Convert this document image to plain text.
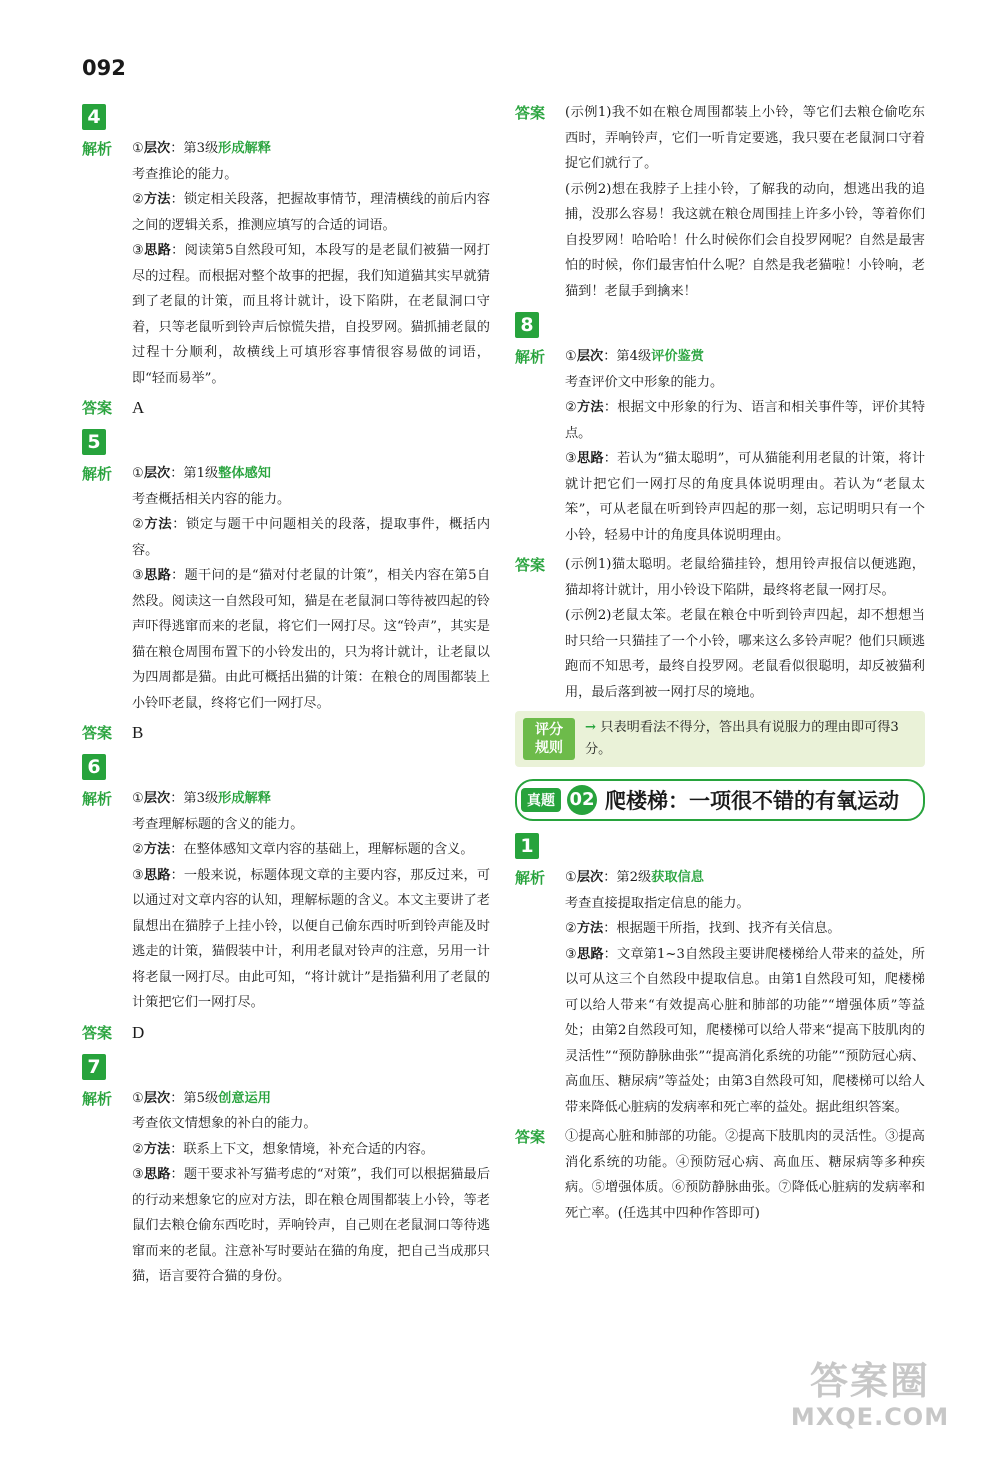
092
4
解析	①层次：第3级形成解释

考查推论的能力。

②方法：锁定相关段落，把握故事情节，理清横线的前后内容之间的逻辑关系，推测应填写的合适的词语。

③思路：阅读第5自然段可知，本段写的是老鼠们被猫一网打尽的过程。而根据对整个故事的把握，我们知道猫其实早就猜到了老鼠的计策，而且将计就计，设下陷阱，在老鼠洞口守着，只等老鼠听到铃声后惊慌失措，自投罗网。猫抓捕老鼠的过程十分顺利，故横线上可填形容事情很容易做的词语，即“轻而易举”。

答案	A
5
解析	①层次：第1级整体感知

考查概括相关内容的能力。

②方法：锁定与题干中问题相关的段落，提取事件，概括内容。

③思路：题干问的是“猫对付老鼠的计策”，相关内容在第5自然段。阅读这一自然段可知，猫是在老鼠洞口等待被四起的铃声吓得逃窜而来的老鼠，将它们一网打尽。这“铃声”，其实是猫在粮仓周围布置下的小铃发出的，只为将计就计，让老鼠以为四周都是猫。由此可概括出猫的计策：在粮仓的周围都装上小铃吓老鼠，终将它们一网打尽。

答案	B
6
解析	①层次：第3级形成解释

考查理解标题的含义的能力。

②方法：在整体感知文章内容的基础上，理解标题的含义。

③思路：一般来说，标题体现文章的主要内容，那反过来，可以通过对文章内容的认知，理解标题的含义。本文主要讲了老鼠想出在猫脖子上挂小铃，以便自己偷东西时听到铃声能及时逃走的计策，猫假装中计，利用老鼠对铃声的注意，另用一计将老鼠一网打尽。由此可知，“将计就计”是指猫利用了老鼠的计策把它们一网打尽。

答案	D
7
解析	①层次：第5级创意运用

考查依文情想象的补白的能力。

②方法：联系上下文，想象情境，补充合适的内容。

③思路：题干要求补写猫考虑的“对策”，我们可以根据猫最后的行动来想象它的应对方法，即在粮仓周围都装上小铃，等老鼠们去粮仓偷东西吃时，弄响铃声，自己则在老鼠洞口等待逃窜而来的老鼠。注意补写时要站在猫的角度，把自己当成那只猫，语言要符合猫的身份。

答案	(示例1)我不如在粮仓周围都装上小铃，等它们去粮仓偷吃东西时，弄响铃声，它们一听肯定要逃，我只要在老鼠洞口守着捉它们就行了。

(示例2)想在我脖子上挂小铃，了解我的动向，想逃出我的追捕，没那么容易！我这就在粮仓周围挂上许多小铃，等着你们自投罗网！哈哈哈！什么时候你们会自投罗网呢？自然是最害怕的时候，你们最害怕什么呢？自然是我老猫啦！小铃响，老猫到！老鼠手到擒来！

8
解析	①层次：第4级评价鉴赏

考查评价文中形象的能力。

②方法：根据文中形象的行为、语言和相关事件等，评价其特点。

③思路：若认为“猫太聪明”，可从猫能利用老鼠的计策，将计就计把它们一网打尽的角度具体说明理由。若认为“老鼠太笨”，可从老鼠在听到铃声四起的那一刻，忘记明明只有一个小铃，轻易中计的角度具体说明理由。

答案	(示例1)猫太聪明。老鼠给猫挂铃，想用铃声报信以便逃跑，猫却将计就计，用小铃设下陷阱，最终将老鼠一网打尽。

(示例2)老鼠太笨。老鼠在粮仓中听到铃声四起，却不想想当时只给一只猫挂了一个小铃，哪来这么多铃声呢？他们只顾逃跑而不知思考，最终自投罗网。老鼠看似很聪明，却反被猫利用，最后落到被一网打尽的境地。

评分
规则
→ 只表明看法不得分，答出具有说服力的理由即可得3分。
真题 02 爬楼梯：一项很不错的有氧运动
1
解析	①层次：第2级获取信息

考查直接提取指定信息的能力。

②方法：根据题干所指，找到、找齐有关信息。

③思路：文章第1~3自然段主要讲爬楼梯给人带来的益处，所以可从这三个自然段中提取信息。由第1自然段可知，爬楼梯可以给人带来“有效提高心脏和肺部的功能”“增强体质”等益处；由第2自然段可知，爬楼梯可以给人带来“提高下肢肌肉的灵活性”“预防静脉曲张”“提高消化系统的功能”“预防冠心病、高血压、糖尿病”等益处；由第3自然段可知，爬楼梯可以给人带来降低心脏病的发病率和死亡率的益处。据此组织答案。

答案	①提高心脏和肺部的功能。②提高下肢肌肉的灵活性。③提高消化系统的功能。④预防冠心病、高血压、糖尿病等多种疾病。⑤增强体质。⑥预防静脉曲张。⑦降低心脏病的发病率和死亡率。(任选其中四种作答即可)
答案圈
MXQE.COM
